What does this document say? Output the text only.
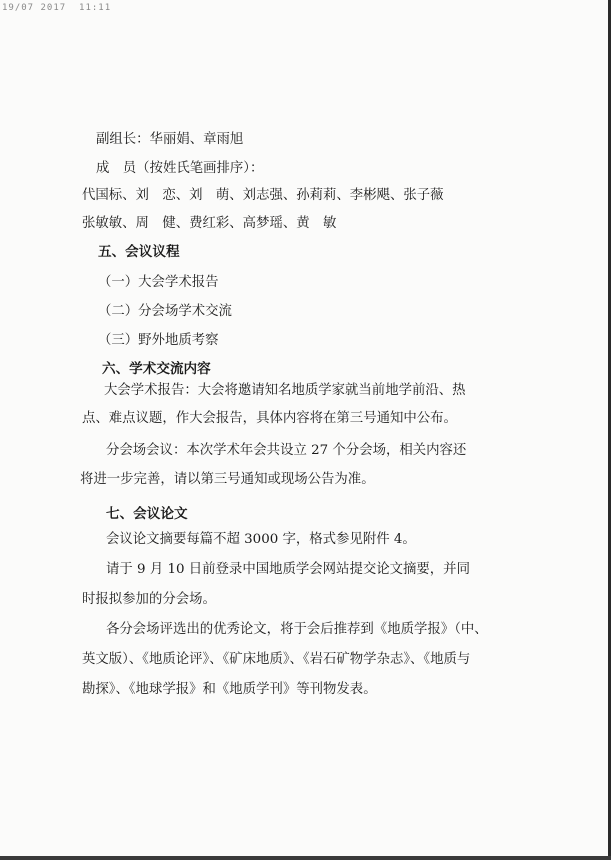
19/07 2017  11:11
副组长：华丽娟、章雨旭
成　员（按姓氏笔画排序）：
代国标、刘　恋、刘　萌、刘志强、孙莉莉、李彬飓、张子薇
张敏敏、周　健、费红彩、高梦瑶、黄　敏
五、会议议程
（一）大会学术报告
（二）分会场学术交流
（三）野外地质考察
六、学术交流内容
大会学术报告：大会将邀请知名地质学家就当前地学前沿、热
点、难点议题，作大会报告，具体内容将在第三号通知中公布。
分会场会议：本次学术年会共设立 27 个分会场，相关内容还
将进一步完善，请以第三号通知或现场公告为准。
七、会议论文
会议论文摘要每篇不超 3000 字，格式参见附件 4。
请于 9 月 10 日前登录中国地质学会网站提交论文摘要，并同
时报拟参加的分会场。
各分会场评选出的优秀论文，将于会后推荐到《地质学报》（中、
英文版）、《地质论评》、《矿床地质》、《岩石矿物学杂志》、《地质与
勘探》、《地球学报》和《地质学刊》等刊物发表。
